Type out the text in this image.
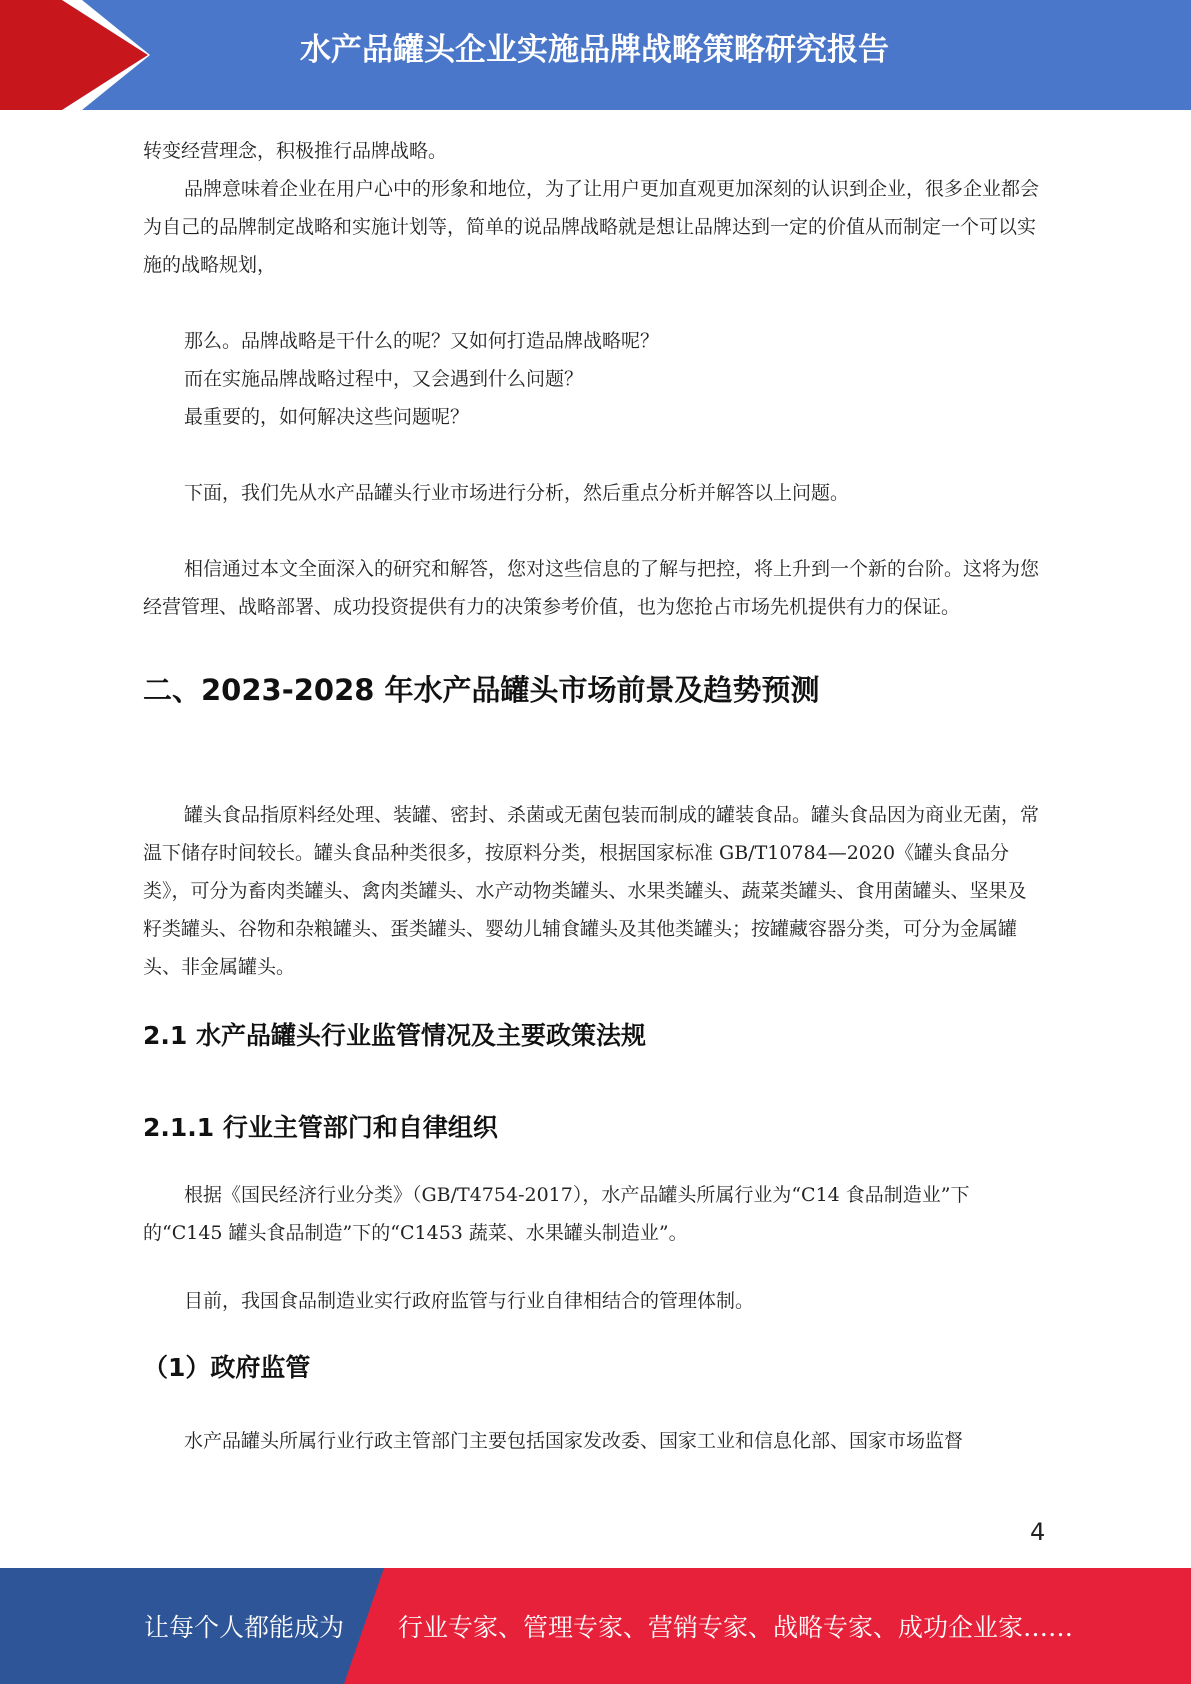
水产品罐头企业实施品牌战略策略研究报告

转变经营理念，积极推行品牌战略。

品牌意味着企业在用户心中的形象和地位，为了让用户更加直观更加深刻的认识到企业，很多企业都会为自己的品牌制定战略和实施计划等，简单的说品牌战略就是想让品牌达到一定的价值从而制定一个可以实施的战略规划，

那么。品牌战略是干什么的呢？又如何打造品牌战略呢？

而在实施品牌战略过程中，又会遇到什么问题？

最重要的，如何解决这些问题呢？

下面，我们先从水产品罐头行业市场进行分析，然后重点分析并解答以上问题。

相信通过本文全面深入的研究和解答，您对这些信息的了解与把控，将上升到一个新的台阶。这将为您经营管理、战略部署、成功投资提供有力的决策参考价值，也为您抢占市场先机提供有力的保证。

二、2023-2028 年水产品罐头市场前景及趋势预测

罐头食品指原料经处理、装罐、密封、杀菌或无菌包装而制成的罐装食品。罐头食品因为商业无菌，常温下储存时间较长。罐头食品种类很多，按原料分类，根据国家标准 GB/T10784—2020《罐头食品分类》，可分为畜肉类罐头、禽肉类罐头、水产动物类罐头、水果类罐头、蔬菜类罐头、食用菌罐头、坚果及籽类罐头、谷物和杂粮罐头、蛋类罐头、婴幼儿辅食罐头及其他类罐头；按罐藏容器分类，可分为金属罐头、非金属罐头。

2.1 水产品罐头行业监管情况及主要政策法规
2.1.1 行业主管部门和自律组织

根据《国民经济行业分类》（GB/T4754-2017），水产品罐头所属行业为“C14 食品制造业”下的“C145 罐头食品制造”下的“C1453 蔬菜、水果罐头制造业”。

目前，我国食品制造业实行政府监管与行业自律相结合的管理体制。

（1）政府监管

水产品罐头所属行业行政主管部门主要包括国家发改委、国家工业和信息化部、国家市场监督

4
让每个人都能成为 行业专家、管理专家、营销专家、战略专家、成功企业家……
